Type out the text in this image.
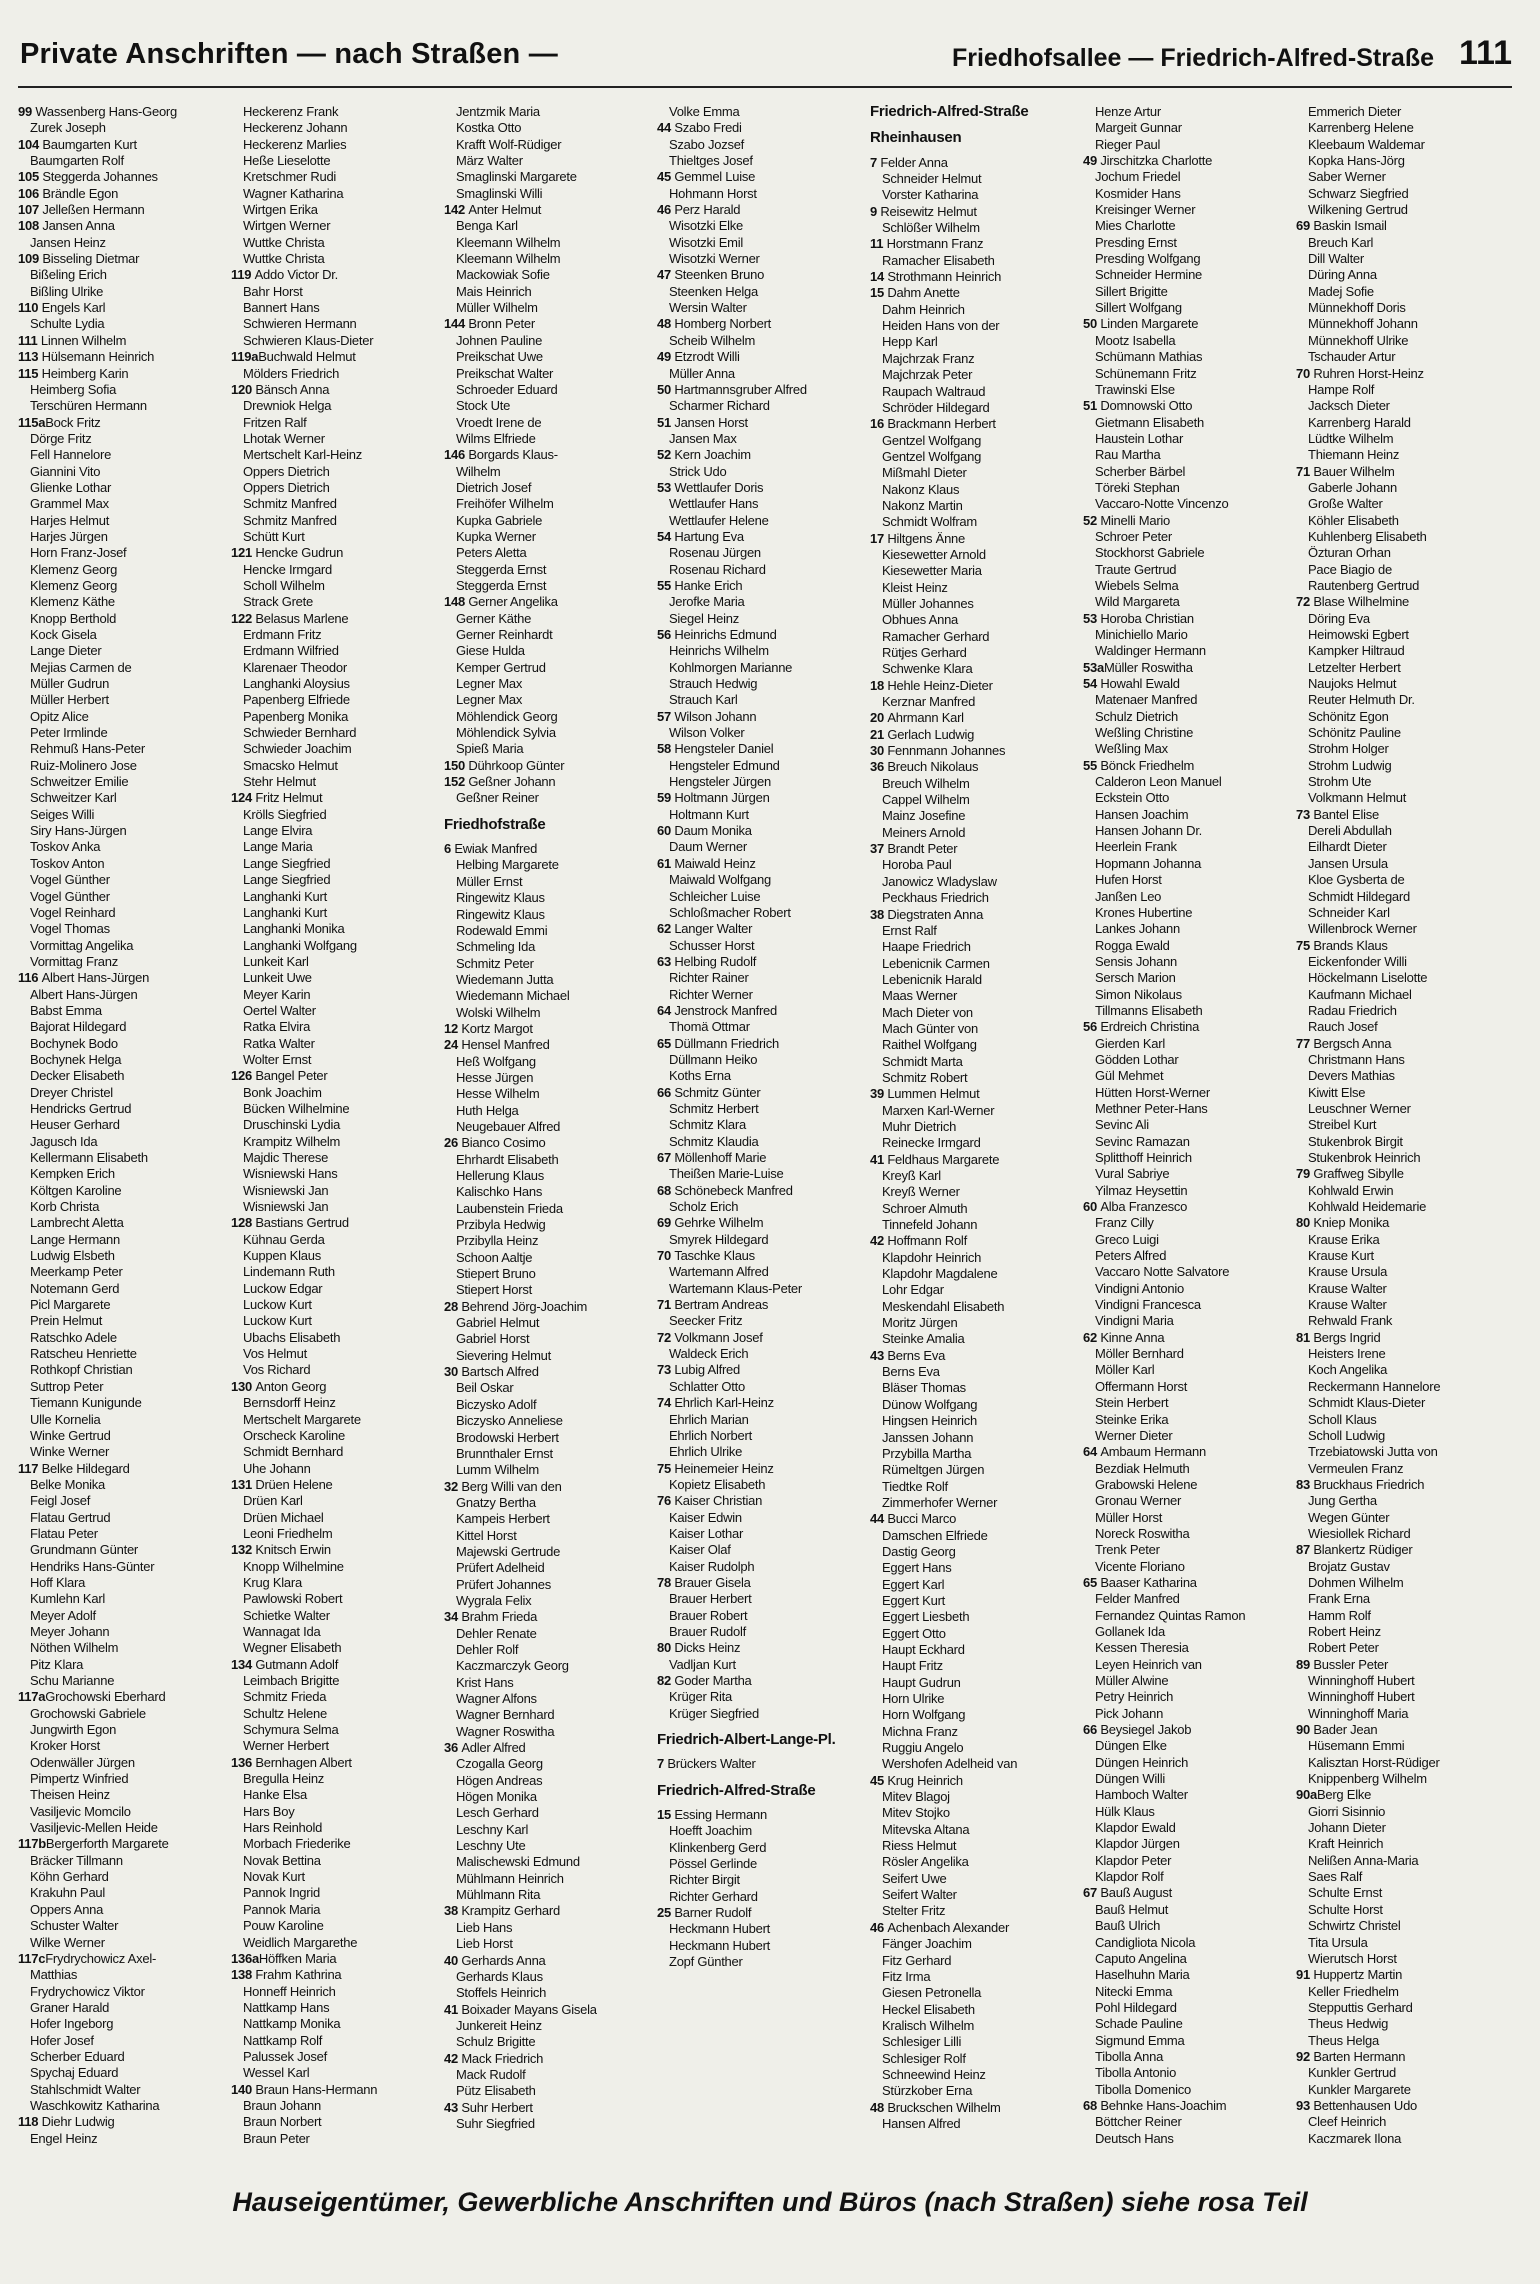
Private Anschriften — nach Straßen —	Friedhofsallee — Friedrich-Alfred-Straße 111
99 Wassenberg Hans-Georg
Zurek Joseph
104 Baumgarten Kurt
Baumgarten Rolf
105 Steggerda Johannes
106 Brändle Egon
107 Jelleßen Hermann
108 Jansen Anna
Jansen Heinz
109 Bisseling Dietmar
Bißeling Erich
Bißling Ulrike
110 Engels Karl
Schulte Lydia
111 Linnen Wilhelm
113 Hülsemann Heinrich
115 Heimberg Karin
Heimberg Sofia
Terschüren Hermann
115aBock Fritz
Dörge Fritz
Fell Hannelore
Giannini Vito
Glienke Lothar
Grammel Max
Harjes Helmut
Harjes Jürgen
Horn Franz-Josef
Klemenz Georg
Klemenz Georg
Klemenz Käthe
Knopp Berthold
Kock Gisela
Lange Dieter
Mejias Carmen de
Müller Gudrun
Müller Herbert
Opitz Alice
Peter Irmlinde
Rehmuß Hans-Peter
Ruiz-Molinero Jose
Schweitzer Emilie
Schweitzer Karl
Seiges Willi
Siry Hans-Jürgen
Toskov Anka
Toskov Anton
Vogel Günther
Vogel Günther
Vogel Reinhard
Vogel Thomas
Vormittag Angelika
Vormittag Franz
116 Albert Hans-Jürgen
Albert Hans-Jürgen
Babst Emma
Bajorat Hildegard
Bochynek Bodo
Bochynek Helga
Decker Elisabeth
Dreyer Christel
Hendricks Gertrud
Heuser Gerhard
Jagusch Ida
Kellermann Elisabeth
Kempken Erich
Költgen Karoline
Korb Christa
Lambrecht Aletta
Lange Hermann
Ludwig Elsbeth
Meerkamp Peter
Notemann Gerd
Picl Margarete
Prein Helmut
Ratschko Adele
Ratscheu Henriette
Rothkopf Christian
Suttrop Peter
Tiemann Kunigunde
Ulle Kornelia
Winke Gertrud
Winke Werner
117 Belke Hildegard
Belke Monika
Feigl Josef
Flatau Gertrud
Flatau Peter
Grundmann Günter
Hendriks Hans-Günter
Hoff Klara
Kumlehn Karl
Meyer Adolf
Meyer Johann
Nöthen Wilhelm
Pitz Klara
Schu Marianne
117aGrochowski Eberhard
Grochowski Gabriele
Jungwirth Egon
Kroker Horst
Odenwäller Jürgen
Pimpertz Winfried
Theisen Heinz
Vasiljevic Momcilo
Vasiljevic-Mellen Heide
117bBergerforth Margarete
Bräcker Tillmann
Köhn Gerhard
Krakuhn Paul
Oppers Anna
Schuster Walter
Wilke Werner
117cFrydrychowicz Axel-
Matthias
Frydrychowicz Viktor
Graner Harald
Hofer Ingeborg
Hofer Josef
Scherber Eduard
Spychaj Eduard
Stahlschmidt Walter
Waschkowitz Katharina
118 Diehr Ludwig
Engel Heinz
Heckerenz Frank
Heckerenz Johann
Heckerenz Marlies
Heße Lieselotte
Kretschmer Rudi
Wagner Katharina
Wirtgen Erika
Wirtgen Werner
Wuttke Christa
Wuttke Christa
119 Addo Victor Dr.
Bahr Horst
Bannert Hans
Schwieren Hermann
Schwieren Klaus-Dieter
119aBuchwald Helmut
Mölders Friedrich
120 Bänsch Anna
Drewniok Helga
Fritzen Ralf
Lhotak Werner
Mertschelt Karl-Heinz
Oppers Dietrich
Oppers Dietrich
Schmitz Manfred
Schmitz Manfred
Schütt Kurt
121 Hencke Gudrun
Hencke Irmgard
Scholl Wilhelm
Strack Grete
122 Belasus Marlene
Erdmann Fritz
Erdmann Wilfried
Klarenaer Theodor
Langhanki Aloysius
Papenberg Elfriede
Papenberg Monika
Schwieder Bernhard
Schwieder Joachim
Smacsko Helmut
Stehr Helmut
124 Fritz Helmut
Krölls Siegfried
Lange Elvira
Lange Maria
Lange Siegfried
Lange Siegfried
Langhanki Kurt
Langhanki Kurt
Langhanki Monika
Langhanki Wolfgang
Lunkeit Karl
Lunkeit Uwe
Meyer Karin
Oertel Walter
Ratka Elvira
Ratka Walter
Wolter Ernst
126 Bangel Peter
Bonk Joachim
Bücken Wilhelmine
Druschinski Lydia
Krampitz Wilhelm
Majdic Therese
Wisniewski Hans
Wisniewski Jan
Wisniewski Jan
128 Bastians Gertrud
Kühnau Gerda
Kuppen Klaus
Lindemann Ruth
Luckow Edgar
Luckow Kurt
Luckow Kurt
Ubachs Elisabeth
Vos Helmut
Vos Richard
130 Anton Georg
Bernsdorff Heinz
Mertschelt Margarete
Orscheck Karoline
Schmidt Bernhard
Uhe Johann
131 Drüen Helene
Drüen Karl
Drüen Michael
Leoni Friedhelm
132 Knitsch Erwin
Knopp Wilhelmine
Krug Klara
Pawlowski Robert
Schietke Walter
Wannagat Ida
Wegner Elisabeth
134 Gutmann Adolf
Leimbach Brigitte
Schmitz Frieda
Schultz Helene
Schymura Selma
Werner Herbert
136 Bernhagen Albert
Bregulla Heinz
Hanke Elsa
Hars Boy
Hars Reinhold
Morbach Friederike
Novak Bettina
Novak Kurt
Pannok Ingrid
Pannok Maria
Pouw Karoline
Weidlich Margarethe
136aHöffken Maria
138 Frahm Kathrina
Honneff Heinrich
Nattkamp Hans
Nattkamp Monika
Nattkamp Rolf
Palussek Josef
Wessel Karl
140 Braun Hans-Hermann
Braun Johann
Braun Norbert
Braun Peter
Jentzmik Maria
Kostka Otto
Krafft Wolf-Rüdiger
März Walter
Smaglinski Margarete
Smaglinski Willi
142 Anter Helmut
Benga Karl
Kleemann Wilhelm
Kleemann Wilhelm
Mackowiak Sofie
Mais Heinrich
Müller Wilhelm
144 Bronn Peter
Johnen Pauline
Preikschat Uwe
Preikschat Walter
Schroeder Eduard
Stock Ute
Vroedt Irene de
Wilms Elfriede
146 Borgards Klaus-
Wilhelm
Dietrich Josef
Freihöfer Wilhelm
Kupka Gabriele
Kupka Werner
Peters Aletta
Steggerda Ernst
Steggerda Ernst
148 Gerner Angelika
Gerner Käthe
Gerner Reinhardt
Giese Hulda
Kemper Gertrud
Legner Max
Legner Max
Möhlendick Georg
Möhlendick Sylvia
Spieß Maria
150 Dührkoop Günter
152 Geßner Johann
Geßner Reiner
Friedhofstraße
6 Ewiak Manfred
Helbing Margarete
Müller Ernst
Ringewitz Klaus
Ringewitz Klaus
Rodewald Emmi
Schmeling Ida
Schmitz Peter
Wiedemann Jutta
Wiedemann Michael
Wolski Wilhelm
12 Kortz Margot
24 Hensel Manfred
Heß Wolfgang
Hesse Jürgen
Hesse Wilhelm
Huth Helga
Neugebauer Alfred
26 Bianco Cosimo
Ehrhardt Elisabeth
Hellerung Klaus
Kalischko Hans
Laubenstein Frieda
Przibyla Hedwig
Przibylla Heinz
Schoon Aaltje
Stiepert Bruno
Stiepert Horst
28 Behrend Jörg-Joachim
Gabriel Helmut
Gabriel Horst
Sievering Helmut
30 Bartsch Alfred
Beil Oskar
Biczysko Adolf
Biczysko Anneliese
Brodowski Herbert
Brunnthaler Ernst
Lumm Wilhelm
32 Berg Willi van den
Gnatzy Bertha
Kampeis Herbert
Kittel Horst
Majewski Gertrude
Prüfert Adelheid
Prüfert Johannes
Wygrala Felix
34 Brahm Frieda
Dehler Renate
Dehler Rolf
Kaczmarczyk Georg
Krist Hans
Wagner Alfons
Wagner Bernhard
Wagner Roswitha
36 Adler Alfred
Czogalla Georg
Högen Andreas
Högen Monika
Lesch Gerhard
Leschny Karl
Leschny Ute
Malischewski Edmund
Mühlmann Heinrich
Mühlmann Rita
38 Krampitz Gerhard
Lieb Hans
Lieb Horst
40 Gerhards Anna
Gerhards Klaus
Stoffels Heinrich
41 Boixader Mayans Gisela
Junkereit Heinz
Schulz Brigitte
42 Mack Friedrich
Mack Rudolf
Pütz Elisabeth
43 Suhr Herbert
Suhr Siegfried
Volke Emma
44 Szabo Fredi
Szabo Jozsef
Thieltges Josef
45 Gemmel Luise
Hohmann Horst
46 Perz Harald
Wisotzki Elke
Wisotzki Emil
Wisotzki Werner
47 Steenken Bruno
Steenken Helga
Wersin Walter
48 Homberg Norbert
Scheib Wilhelm
49 Etzrodt Willi
Müller Anna
50 Hartmannsgruber Alfred
Scharmer Richard
51 Jansen Horst
Jansen Max
52 Kern Joachim
Strick Udo
53 Wettlaufer Doris
Wettlaufer Hans
Wettlaufer Helene
54 Hartung Eva
Rosenau Jürgen
Rosenau Richard
55 Hanke Erich
Jerofke Maria
Siegel Heinz
56 Heinrichs Edmund
Heinrichs Wilhelm
Kohlmorgen Marianne
Strauch Hedwig
Strauch Karl
57 Wilson Johann
Wilson Volker
58 Hengsteler Daniel
Hengsteler Edmund
Hengsteler Jürgen
59 Holtmann Jürgen
Holtmann Kurt
60 Daum Monika
Daum Werner
61 Maiwald Heinz
Maiwald Wolfgang
Schleicher Luise
Schloßmacher Robert
62 Langer Walter
Schusser Horst
63 Helbing Rudolf
Richter Rainer
Richter Werner
64 Jenstrock Manfred
Thomä Ottmar
65 Düllmann Friedrich
Düllmann Heiko
Koths Erna
66 Schmitz Günter
Schmitz Herbert
Schmitz Klara
Schmitz Klaudia
67 Möllenhoff Marie
Theißen Marie-Luise
68 Schönebeck Manfred
Scholz Erich
69 Gehrke Wilhelm
Smyrek Hildegard
70 Taschke Klaus
Wartemann Alfred
Wartemann Klaus-Peter
71 Bertram Andreas
Seecker Fritz
72 Volkmann Josef
Waldeck Erich
73 Lubig Alfred
Schlatter Otto
74 Ehrlich Karl-Heinz
Ehrlich Marian
Ehrlich Norbert
Ehrlich Ulrike
75 Heinemeier Heinz
Kopietz Elisabeth
76 Kaiser Christian
Kaiser Edwin
Kaiser Lothar
Kaiser Olaf
Kaiser Rudolph
78 Brauer Gisela
Brauer Herbert
Brauer Robert
Brauer Rudolf
80 Dicks Heinz
Vadljan Kurt
82 Goder Martha
Krüger Rita
Krüger Siegfried
Friedrich-Albert-Lange-Pl.
7 Brückers Walter
Friedrich-Alfred-Straße
15 Essing Hermann
Hoefft Joachim
Klinkenberg Gerd
Pössel Gerlinde
Richter Birgit
Richter Gerhard
25 Barner Rudolf
Heckmann Hubert
Heckmann Hubert
Zopf Günther
Friedrich-Alfred-Straße
Rheinhausen
7 Felder Anna
Schneider Helmut
Vorster Katharina
9 Reisewitz Helmut
Schlößer Wilhelm
11 Horstmann Franz
Ramacher Elisabeth
14 Strothmann Heinrich
15 Dahm Anette
Dahm Heinrich
Heiden Hans von der
Hepp Karl
Majchrzak Franz
Majchrzak Peter
Raupach Waltraud
Schröder Hildegard
16 Brackmann Herbert
Gentzel Wolfgang
Gentzel Wolfgang
Mißmahl Dieter
Nakonz Klaus
Nakonz Martin
Schmidt Wolfram
17 Hiltgens Änne
Kiesewetter Arnold
Kiesewetter Maria
Kleist Heinz
Müller Johannes
Obhues Anna
Ramacher Gerhard
Rütjes Gerhard
Schwenke Klara
18 Hehle Heinz-Dieter
Kerznar Manfred
20 Ahrmann Karl
21 Gerlach Ludwig
30 Fennmann Johannes
36 Breuch Nikolaus
Breuch Wilhelm
Cappel Wilhelm
Mainz Josefine
Meiners Arnold
37 Brandt Peter
Horoba Paul
Janowicz Wladyslaw
Peckhaus Friedrich
38 Diegstraten Anna
Ernst Ralf
Haape Friedrich
Lebenicnik Carmen
Lebenicnik Harald
Maas Werner
Mach Dieter von
Mach Günter von
Raithel Wolfgang
Schmidt Marta
Schmitz Robert
39 Lummen Helmut
Marxen Karl-Werner
Muhr Dietrich
Reinecke Irmgard
41 Feldhaus Margarete
Kreyß Karl
Kreyß Werner
Schroer Almuth
Tinnefeld Johann
42 Hoffmann Rolf
Klapdohr Heinrich
Klapdohr Magdalene
Lohr Edgar
Meskendahl Elisabeth
Moritz Jürgen
Steinke Amalia
43 Berns Eva
Berns Eva
Bläser Thomas
Dünow Wolfgang
Hingsen Heinrich
Janssen Johann
Przybilla Martha
Rümeltgen Jürgen
Tiedtke Rolf
Zimmerhofer Werner
44 Bucci Marco
Damschen Elfriede
Dastig Georg
Eggert Hans
Eggert Karl
Eggert Kurt
Eggert Liesbeth
Eggert Otto
Haupt Eckhard
Haupt Fritz
Haupt Gudrun
Horn Ulrike
Horn Wolfgang
Michna Franz
Ruggiu Angelo
Wershofen Adelheid van
45 Krug Heinrich
Mitev Blagoj
Mitev Stojko
Mitevska Altana
Riess Helmut
Rösler Angelika
Seifert Uwe
Seifert Walter
Stelter Fritz
46 Achenbach Alexander
Fänger Joachim
Fitz Gerhard
Fitz Irma
Giesen Petronella
Heckel Elisabeth
Kralisch Wilhelm
Schlesiger Lilli
Schlesiger Rolf
Schneewind Heinz
Stürzkober Erna
48 Bruckschen Wilhelm
Hansen Alfred
Henze Artur
Margeit Gunnar
Rieger Paul
49 Jirschitzka Charlotte
Jochum Friedel
Kosmider Hans
Kreisinger Werner
Mies Charlotte
Presding Ernst
Presding Wolfgang
Schneider Hermine
Sillert Brigitte
Sillert Wolfgang
50 Linden Margarete
Mootz Isabella
Schümann Mathias
Schünemann Fritz
Trawinski Else
51 Domnowski Otto
Gietmann Elisabeth
Haustein Lothar
Rau Martha
Scherber Bärbel
Töreki Stephan
Vaccaro-Notte Vincenzo
52 Minelli Mario
Schroer Peter
Stockhorst Gabriele
Traute Gertrud
Wiebels Selma
Wild Margareta
53 Horoba Christian
Minichiello Mario
Waldinger Hermann
53aMüller Roswitha
54 Howahl Ewald
Matenaer Manfred
Schulz Dietrich
Weßling Christine
Weßling Max
55 Bönck Friedhelm
Calderon Leon Manuel
Eckstein Otto
Hansen Joachim
Hansen Johann Dr.
Heerlein Frank
Hopmann Johanna
Hufen Horst
Janßen Leo
Krones Hubertine
Lankes Johann
Rogga Ewald
Sensis Johann
Sersch Marion
Simon Nikolaus
Tillmanns Elisabeth
56 Erdreich Christina
Gierden Karl
Gödden Lothar
Gül Mehmet
Hütten Horst-Werner
Methner Peter-Hans
Sevinc Ali
Sevinc Ramazan
Splitthoff Heinrich
Vural Sabriye
Yilmaz Heysettin
60 Alba Franzesco
Franz Cilly
Greco Luigi
Peters Alfred
Vaccaro Notte Salvatore
Vindigni Antonio
Vindigni Francesca
Vindigni Maria
62 Kinne Anna
Möller Bernhard
Möller Karl
Offermann Horst
Stein Herbert
Steinke Erika
Werner Dieter
64 Ambaum Hermann
Bezdiak Helmuth
Grabowski Helene
Gronau Werner
Müller Horst
Noreck Roswitha
Trenk Peter
Vicente Floriano
65 Baaser Katharina
Felder Manfred
Fernandez Quintas Ramon
Gollanek Ida
Kessen Theresia
Leyen Heinrich van
Müller Alwine
Petry Heinrich
Pick Johann
66 Beysiegel Jakob
Düngen Elke
Düngen Heinrich
Düngen Willi
Hamboch Walter
Hülk Klaus
Klapdor Ewald
Klapdor Jürgen
Klapdor Peter
Klapdor Rolf
67 Bauß August
Bauß Helmut
Bauß Ulrich
Candigliota Nicola
Caputo Angelina
Haselhuhn Maria
Nitecki Emma
Pohl Hildegard
Schade Pauline
Sigmund Emma
Tibolla Anna
Tibolla Antonio
Tibolla Domenico
68 Behnke Hans-Joachim
Böttcher Reiner
Deutsch Hans
Emmerich Dieter
Karrenberg Helene
Kleebaum Waldemar
Kopka Hans-Jörg
Saber Werner
Schwarz Siegfried
Wilkening Gertrud
69 Baskin Ismail
Breuch Karl
Dill Walter
Düring Anna
Madej Sofie
Münnekhoff Doris
Münnekhoff Johann
Münnekhoff Ulrike
Tschauder Artur
70 Ruhren Horst-Heinz
Hampe Rolf
Jacksch Dieter
Karrenberg Harald
Lüdtke Wilhelm
Thiemann Heinz
71 Bauer Wilhelm
Gaberle Johann
Große Walter
Köhler Elisabeth
Kuhlenberg Elisabeth
Özturan Orhan
Pace Biagio de
Rautenberg Gertrud
72 Blase Wilhelmine
Döring Eva
Heimowski Egbert
Kampker Hiltraud
Letzelter Herbert
Naujoks Helmut
Reuter Helmuth Dr.
Schönitz Egon
Schönitz Pauline
Strohm Holger
Strohm Ludwig
Strohm Ute
Volkmann Helmut
73 Bantel Elise
Dereli Abdullah
Eilhardt Dieter
Jansen Ursula
Kloe Gysberta de
Schmidt Hildegard
Schneider Karl
Willenbrock Werner
75 Brands Klaus
Eickenfonder Willi
Höckelmann Liselotte
Kaufmann Michael
Radau Friedrich
Rauch Josef
77 Bergsch Anna
Christmann Hans
Devers Mathias
Kiwitt Else
Leuschner Werner
Streibel Kurt
Stukenbrok Birgit
Stukenbrok Heinrich
79 Graffweg Sibylle
Kohlwald Erwin
Kohlwald Heidemarie
80 Kniep Monika
Krause Erika
Krause Kurt
Krause Ursula
Krause Walter
Krause Walter
Rehwald Frank
81 Bergs Ingrid
Heisters Irene
Koch Angelika
Reckermann Hannelore
Schmidt Klaus-Dieter
Scholl Klaus
Scholl Ludwig
Trzebiatowski Jutta von
Vermeulen Franz
83 Bruckhaus Friedrich
Jung Gertha
Wegen Günter
Wiesiollek Richard
87 Blankertz Rüdiger
Brojatz Gustav
Dohmen Wilhelm
Frank Erna
Hamm Rolf
Robert Heinz
Robert Peter
89 Bussler Peter
Winninghoff Hubert
Winninghoff Hubert
Winninghoff Maria
90 Bader Jean
Hüsemann Emmi
Kalisztan Horst-Rüdiger
Knippenberg Wilhelm
90aBerg Elke
Giorri Sisinnio
Johann Dieter
Kraft Heinrich
Nelißen Anna-Maria
Saes Ralf
Schulte Ernst
Schulte Horst
Schwirtz Christel
Tita Ursula
Wierutsch Horst
91 Huppertz Martin
Keller Friedhelm
Stepputtis Gerhard
Theus Hedwig
Theus Helga
92 Barten Hermann
Kunkler Gertrud
Kunkler Margarete
93 Bettenhausen Udo
Cleef Heinrich
Kaczmarek Ilona
Hauseigentümer, Gewerbliche Anschriften und Büros (nach Straßen) siehe rosa Teil
